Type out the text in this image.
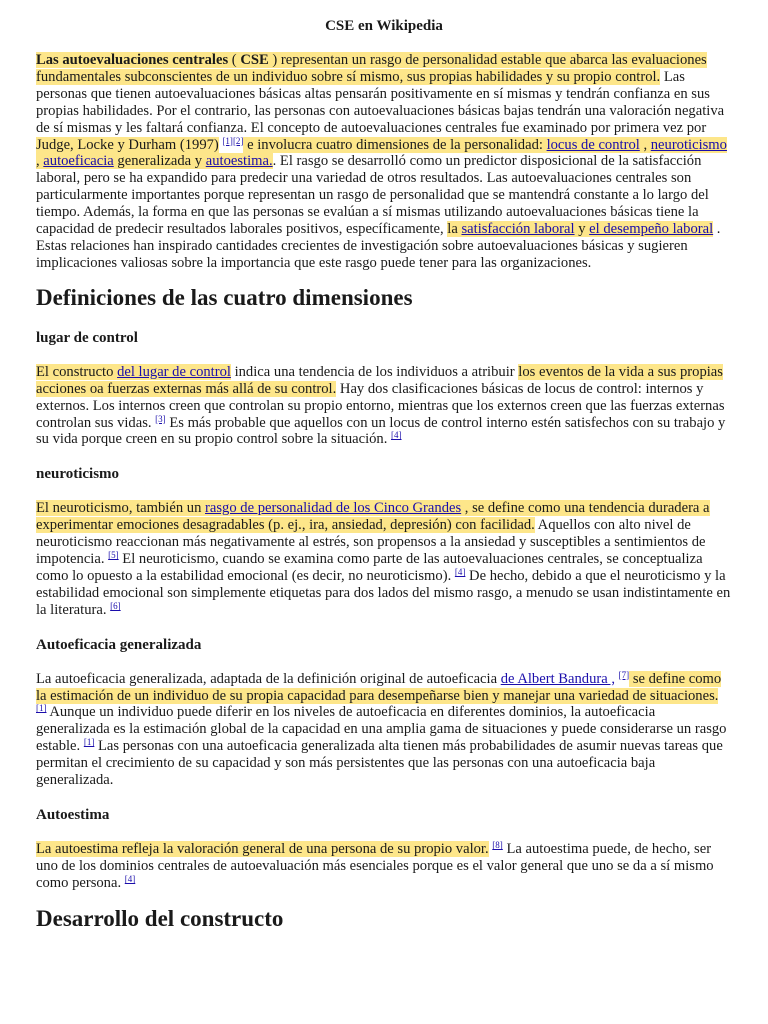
CSE en Wikipedia

Las autoevaluaciones centrales ( CSE ) representan un rasgo de personalidad estable que abarca las evaluaciones fundamentales subconscientes de un individuo sobre sí mismo, sus propias habilidades y su propio control. Las personas que tienen autoevaluaciones básicas altas pensarán positivamente en sí mismas y tendrán confianza en sus propias habilidades. Por el contrario, las personas con autoevaluaciones básicas bajas tendrán una valoración negativa de sí mismas y les faltará confianza. El concepto de autoevaluaciones centrales fue examinado por primera vez por Judge, Locke y Durham (1997) [1][2] e involucra cuatro dimensiones de la personalidad: locus de control , neuroticismo , autoeficacia generalizada y autoestima.. El rasgo se desarrolló como un predictor disposicional de la satisfacción laboral, pero se ha expandido para predecir una variedad de otros resultados. Las autoevaluaciones centrales son particularmente importantes porque representan un rasgo de personalidad que se mantendrá constante a lo largo del tiempo. Además, la forma en que las personas se evalúan a sí mismas utilizando autoevaluaciones básicas tiene la capacidad de predecir resultados laborales positivos, específicamente, la satisfacción laboral y el desempeño laboral . Estas relaciones han inspirado cantidades crecientes de investigación sobre autoevaluaciones básicas y sugieren implicaciones valiosas sobre la importancia que este rasgo puede tener para las organizaciones.

Definiciones de las cuatro dimensiones
lugar de control

El constructo del lugar de control indica una tendencia de los individuos a atribuir los eventos de la vida a sus propias acciones oa fuerzas externas más allá de su control. Hay dos clasificaciones básicas de locus de control: internos y externos. Los internos creen que controlan su propio entorno, mientras que los externos creen que las fuerzas externas controlan sus vidas. [3] Es más probable que aquellos con un locus de control interno estén satisfechos con su trabajo y su vida porque creen en su propio control sobre la situación. [4]

neuroticismo

El neuroticismo, también un rasgo de personalidad de los Cinco Grandes , se define como una tendencia duradera a experimentar emociones desagradables (p. ej., ira, ansiedad, depresión) con facilidad. Aquellos con alto nivel de neuroticismo reaccionan más negativamente al estrés, son propensos a la ansiedad y susceptibles a sentimientos de impotencia. [5] El neuroticismo, cuando se examina como parte de las autoevaluaciones centrales, se conceptualiza como lo opuesto a la estabilidad emocional (es decir, no neuroticismo). [4] De hecho, debido a que el neuroticismo y la estabilidad emocional son simplemente etiquetas para dos lados del mismo rasgo, a menudo se usan indistintamente en la literatura. [6]

Autoeficacia generalizada

La autoeficacia generalizada, adaptada de la definición original de autoeficacia de Albert Bandura , [7] se define como la estimación de un individuo de su propia capacidad para desempeñarse bien y manejar una variedad de situaciones. [1] Aunque un individuo puede diferir en los niveles de autoeficacia en diferentes dominios, la autoeficacia generalizada es la estimación global de la capacidad en una amplia gama de situaciones y puede considerarse un rasgo estable. [1] Las personas con una autoeficacia generalizada alta tienen más probabilidades de asumir nuevas tareas que permitan el crecimiento de su capacidad y son más persistentes que las personas con una autoeficacia baja generalizada.

Autoestima

La autoestima refleja la valoración general de una persona de su propio valor. [8] La autoestima puede, de hecho, ser uno de los dominios centrales de autoevaluación más esenciales porque es el valor general que uno se da a sí mismo como persona. [4]

Desarrollo del constructo
